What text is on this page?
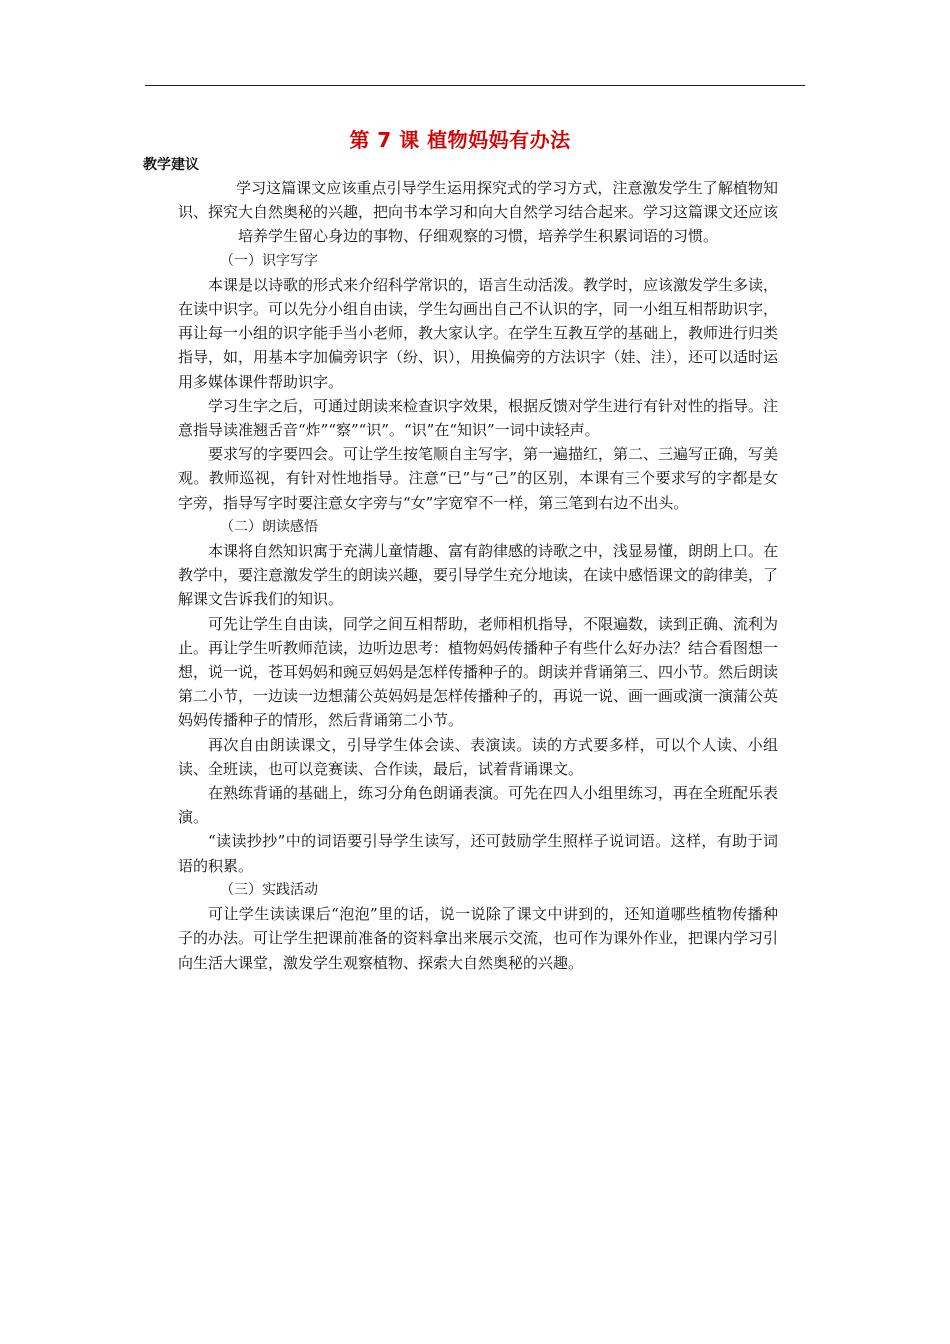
第 7 课 植物妈妈有办法
教学建议

学习这篇课文应该重点引导学生运用探究式的学习方式，注意激发学生了解植物知识、探究大自然奥秘的兴趣，把向书本学习和向大自然学习结合起来。学习这篇课文还应该培养学生留心身边的事物、仔细观察的习惯，培养学生积累词语的习惯。

（一）识字写字

本课是以诗歌的形式来介绍科学常识的，语言生动活泼。教学时，应该激发学生多读，在读中识字。可以先分小组自由读，学生勾画出自己不认识的字，同一小组互相帮助识字，再让每一小组的识字能手当小老师，教大家认字。在学生互教互学的基础上，教师进行归类指导，如，用基本字加偏旁识字（纷、识），用换偏旁的方法识字（娃、洼），还可以适时运用多媒体课件帮助识字。

学习生字之后，可通过朗读来检查识字效果，根据反馈对学生进行有针对性的指导。注意指导读准翘舌音“炸”“察”“识”。“识”在“知识”一词中读轻声。

要求写的字要四会。可让学生按笔顺自主写字，第一遍描红，第二、三遍写正确，写美观。教师巡视，有针对性地指导。注意“已”与“己”的区别，本课有三个要求写的字都是女字旁，指导写字时要注意女字旁与“女”字宽窄不一样，第三笔到右边不出头。

（二）朗读感悟

本课将自然知识寓于充满儿童情趣、富有韵律感的诗歌之中，浅显易懂，朗朗上口。在教学中，要注意激发学生的朗读兴趣，要引导学生充分地读，在读中感悟课文的韵律美，了解课文告诉我们的知识。

可先让学生自由读，同学之间互相帮助，老师相机指导，不限遍数，读到正确、流利为止。再让学生听教师范读，边听边思考：植物妈妈传播种子有些什么好办法？结合看图想一想，说一说，苍耳妈妈和豌豆妈妈是怎样传播种子的。朗读并背诵第三、四小节。然后朗读第二小节，一边读一边想蒲公英妈妈是怎样传播种子的，再说一说、画一画或演一演蒲公英妈妈传播种子的情形，然后背诵第二小节。

再次自由朗读课文，引导学生体会读、表演读。读的方式要多样，可以个人读、小组读、全班读，也可以竞赛读、合作读，最后，试着背诵课文。

在熟练背诵的基础上，练习分角色朗诵表演。可先在四人小组里练习，再在全班配乐表演。

“读读抄抄”中的词语要引导学生读写，还可鼓励学生照样子说词语。这样，有助于词语的积累。

（三）实践活动

可让学生读读课后“泡泡”里的话，说一说除了课文中讲到的，还知道哪些植物传播种子的办法。可让学生把课前准备的资料拿出来展示交流，也可作为课外作业，把课内学习引向生活大课堂，激发学生观察植物、探索大自然奥秘的兴趣。
